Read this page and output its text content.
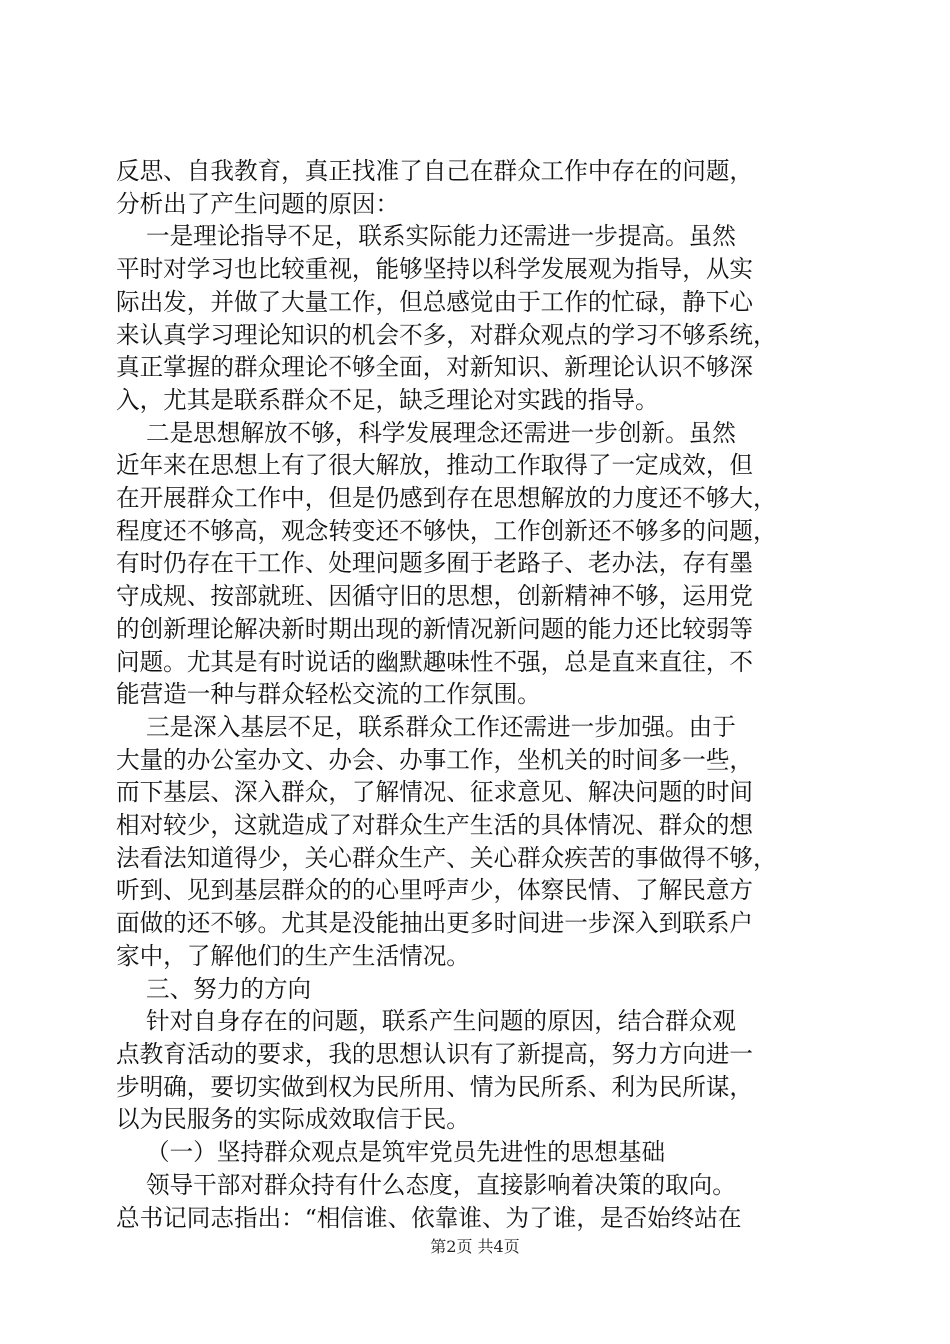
反思、自我教育，真正找准了自己在群众工作中存在的问题，

分析出了产生问题的原因：

一是理论指导不足，联系实际能力还需进一步提高。虽然

平时对学习也比较重视，能够坚持以科学发展观为指导，从实

际出发，并做了大量工作，但总感觉由于工作的忙碌，静下心

来认真学习理论知识的机会不多，对群众观点的学习不够系统，

真正掌握的群众理论不够全面，对新知识、新理论认识不够深

入，尤其是联系群众不足，缺乏理论对实践的指导。

二是思想解放不够，科学发展理念还需进一步创新。虽然

近年来在思想上有了很大解放，推动工作取得了一定成效，但

在开展群众工作中，但是仍感到存在思想解放的力度还不够大，

程度还不够高，观念转变还不够快，工作创新还不够多的问题，

有时仍存在干工作、处理问题多囿于老路子、老办法，存有墨

守成规、按部就班、因循守旧的思想，创新精神不够，运用党

的创新理论解决新时期出现的新情况新问题的能力还比较弱等

问题。尤其是有时说话的幽默趣味性不强，总是直来直往，不

能营造一种与群众轻松交流的工作氛围。

三是深入基层不足，联系群众工作还需进一步加强。由于

大量的办公室办文、办会、办事工作，坐机关的时间多一些，

而下基层、深入群众，了解情况、征求意见、解决问题的时间

相对较少，这就造成了对群众生产生活的具体情况、群众的想

法看法知道得少，关心群众生产、关心群众疾苦的事做得不够，

听到、见到基层群众的的心里呼声少，体察民情、了解民意方

面做的还不够。尤其是没能抽出更多时间进一步深入到联系户

家中，了解他们的生产生活情况。

三、努力的方向

针对自身存在的问题，联系产生问题的原因，结合群众观

点教育活动的要求，我的思想认识有了新提高，努力方向进一

步明确，要切实做到权为民所用、情为民所系、利为民所谋，

以为民服务的实际成效取信于民。

（一）坚持群众观点是筑牢党员先进性的思想基础

领导干部对群众持有什么态度，直接影响着决策的取向。

总书记同志指出：“相信谁、依靠谁、为了谁，是否始终站在

第2页 共4页
